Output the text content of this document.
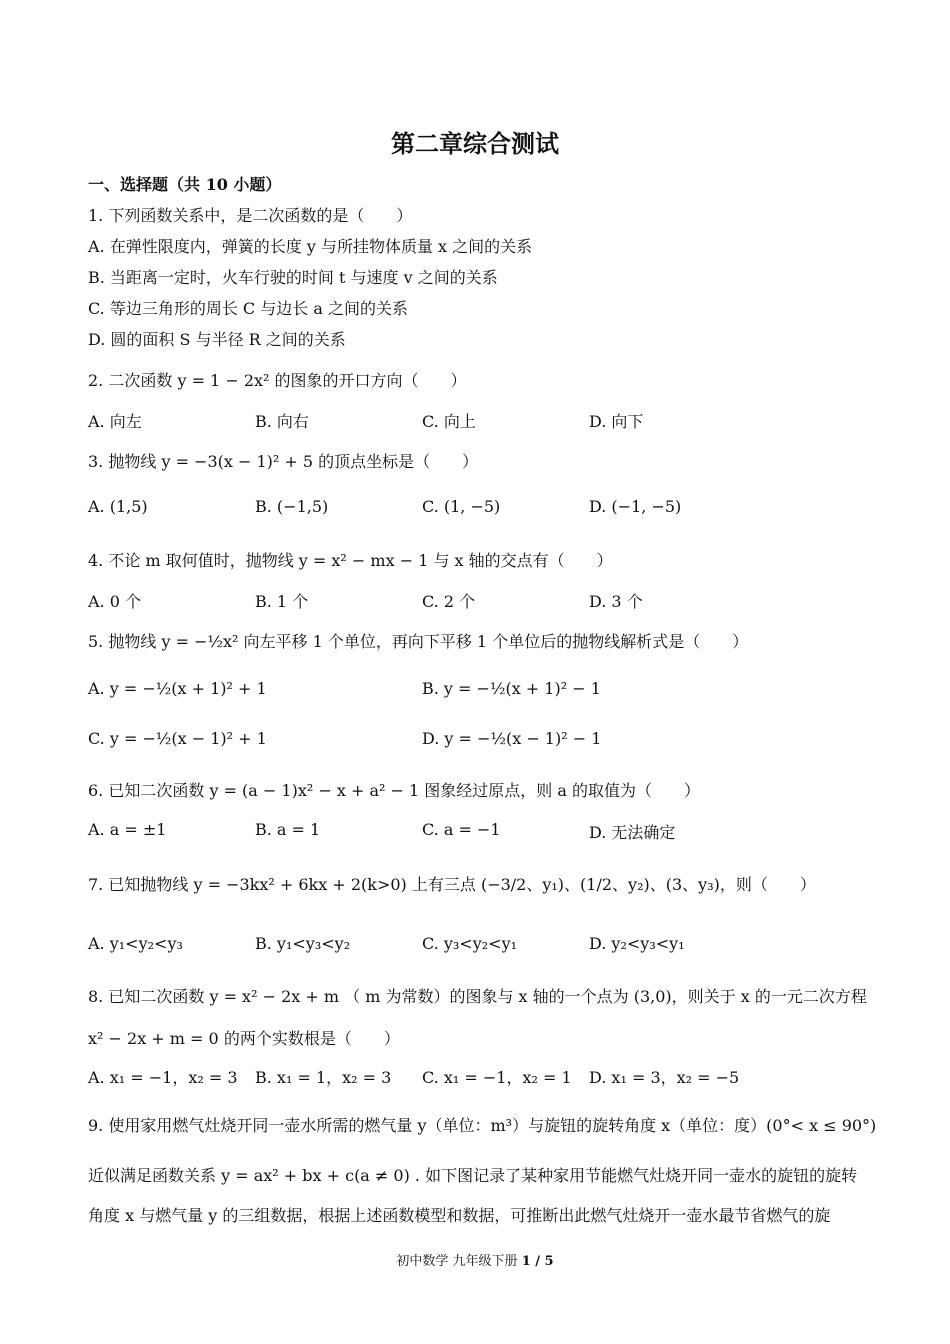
第二章综合测试
一、选择题（共 10 小题）
1. 下列函数关系中，是二次函数的是（　　）
A. 在弹性限度内，弹簧的长度 y 与所挂物体质量 x 之间的关系
B. 当距离一定时，火车行驶的时间 t 与速度 v 之间的关系
C. 等边三角形的周长 C 与边长 a 之间的关系
D. 圆的面积 S 与半径 R 之间的关系
2. 二次函数 y = 1 − 2x² 的图象的开口方向（　　）
A. 向左	B. 向右	C. 向上	D. 向下
3. 抛物线 y = −3(x − 1)² + 5 的顶点坐标是（　　）
A. (1,5)	B. (−1,5)	C. (1, −5)	D. (−1, −5)
4. 不论 m 取何值时，抛物线 y = x² − mx − 1 与 x 轴的交点有（　　）
A. 0 个	B. 1 个	C. 2 个	D. 3 个
5. 抛物线 y = −½x² 向左平移 1 个单位，再向下平移 1 个单位后的抛物线解析式是（　　）
A. y = −½(x + 1)² + 1	B. y = −½(x + 1)² − 1
C. y = −½(x − 1)² + 1	D. y = −½(x − 1)² − 1
6. 已知二次函数 y = (a − 1)x² − x + a² − 1 图象经过原点，则 a 的取值为（　　）
A. a = ±1	B. a = 1	C. a = −1	D. 无法确定
7. 已知抛物线 y = −3kx² + 6kx + 2(k>0) 上有三点 (−3/2、y₁)、(1/2、y₂)、(3、y₃)，则（　　）
A. y₁<y₂<y₃	B. y₁<y₃<y₂	C. y₃<y₂<y₁	D. y₂<y₃<y₁
8. 已知二次函数 y = x² − 2x + m （ m 为常数）的图象与 x 轴的一个点为 (3,0)，则关于 x 的一元二次方程
x² − 2x + m = 0 的两个实数根是（　　）
A. x₁ = −1，x₂ = 3 B. x₁ = 1，x₂ = 3 C. x₁ = −1，x₂ = 1 D. x₁ = 3，x₂ = −5
9. 使用家用燃气灶烧开同一壶水所需的燃气量 y（单位：m³）与旋钮的旋转角度 x（单位：度）(0°< x ≤ 90°)
近似满足函数关系 y = ax² + bx + c(a ≠ 0) . 如下图记录了某种家用节能燃气灶烧开同一壶水的旋钮的旋转
角度 x 与燃气量 y 的三组数据，根据上述函数模型和数据，可推断出此燃气灶烧开一壶水最节省燃气的旋
初中数学 九年级下册 1 / 5
